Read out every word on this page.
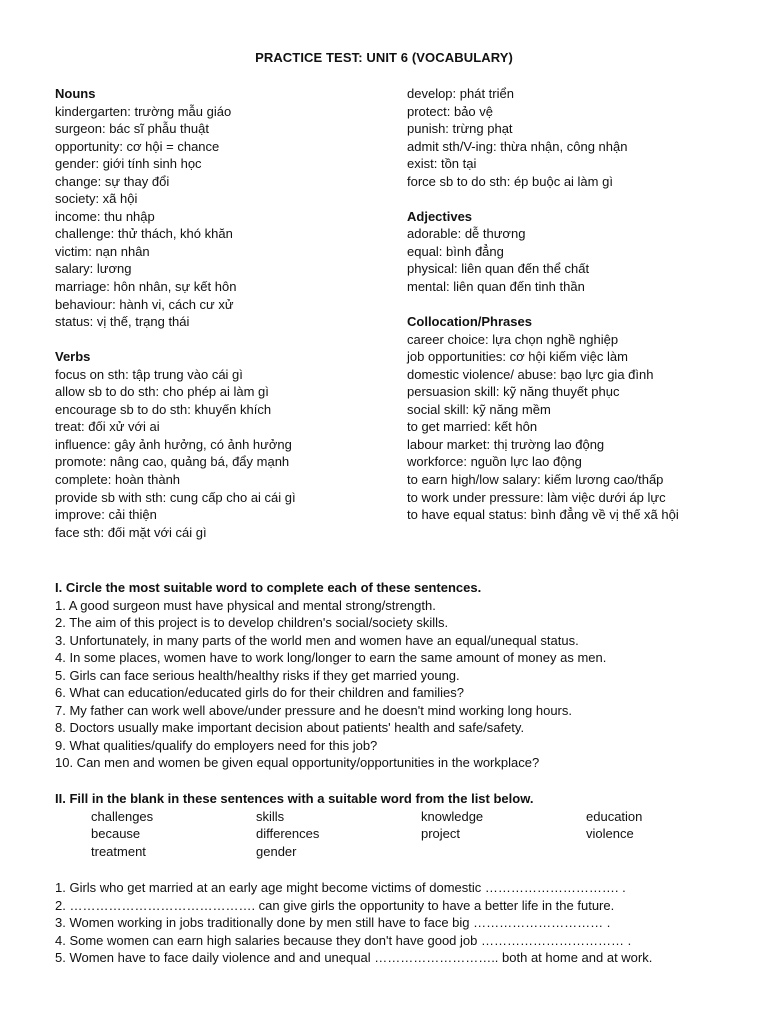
PRACTICE TEST: UNIT 6 (VOCABULARY)
Nouns
kindergarten: trường mẫu giáo
surgeon: bác sĩ phẫu thuật
opportunity: cơ hội = chance
gender: giới tính sinh học
change: sự thay đổi
society: xã hội
income: thu nhập
challenge: thử thách, khó khăn
victim: nạn nhân
salary: lương
marriage: hôn nhân, sự kết hôn
behaviour: hành vi, cách cư xử
status: vị thế, trạng thái
Verbs
focus on sth: tập trung vào cái gì
allow sb to do sth: cho phép ai làm gì
encourage sb to do sth: khuyến khích
treat: đối xử với ai
influence: gây ảnh hưởng, có ảnh hưởng
promote: nâng cao, quảng bá, đẩy mạnh
complete: hoàn thành
provide sb with sth: cung cấp cho ai cái gì
improve: cải thiện
face sth: đối mặt với cái gì
develop: phát triển
protect: bảo vệ
punish: trừng phạt
admit sth/V-ing: thừa nhận, công nhận
exist: tồn tại
force sb to do sth: ép buộc ai làm gì
Adjectives
adorable: dễ thương
equal: bình đẳng
physical: liên quan đến thể chất
mental: liên quan đến tinh thần
Collocation/Phrases
career choice: lựa chọn nghề nghiệp
job opportunities: cơ hội kiếm việc làm
domestic violence/ abuse: bạo lực gia đình
persuasion skill: kỹ năng thuyết phục
social skill: kỹ năng mềm
to get married: kết hôn
labour market: thị trường lao động
workforce: nguồn lực lao động
to earn high/low salary: kiếm lương cao/thấp
to work under pressure: làm việc dưới áp lực
to have equal status: bình đẳng về vị thế xã hội
I. Circle the most suitable word to complete each of these sentences.
1. A good surgeon must have physical and mental strong/strength.
2. The aim of this project is to develop children's social/society skills.
3. Unfortunately, in many parts of the world men and women have an equal/unequal status.
4. In some places, women have to work long/longer to earn the same amount of money as men.
5. Girls can face serious health/healthy risks if they get married young.
6. What can education/educated girls do for their children and families?
7. My father can work well above/under pressure and he doesn't mind working long hours.
8. Doctors usually make important decision about patients' health and safe/safety.
9. What qualities/qualify do employers need for this job?
10. Can men and women be given equal opportunity/opportunities in the workplace?
II. Fill in the blank in these sentences with a suitable word from the list below.
challenges	skills	knowledge	education
because	differences	project	violence
treatment	gender
1. Girls who get married at an early age might become victims of domestic …………………………. .
2. ……………………………………. can give girls the opportunity to have a better life in the future.
3. Women working in jobs traditionally done by men still have to face big ………………………… .
4. Some women can earn high salaries because they don't have good job …………………………… .
5. Women have to face daily violence and and unequal ……………………….. both at home and at work.
